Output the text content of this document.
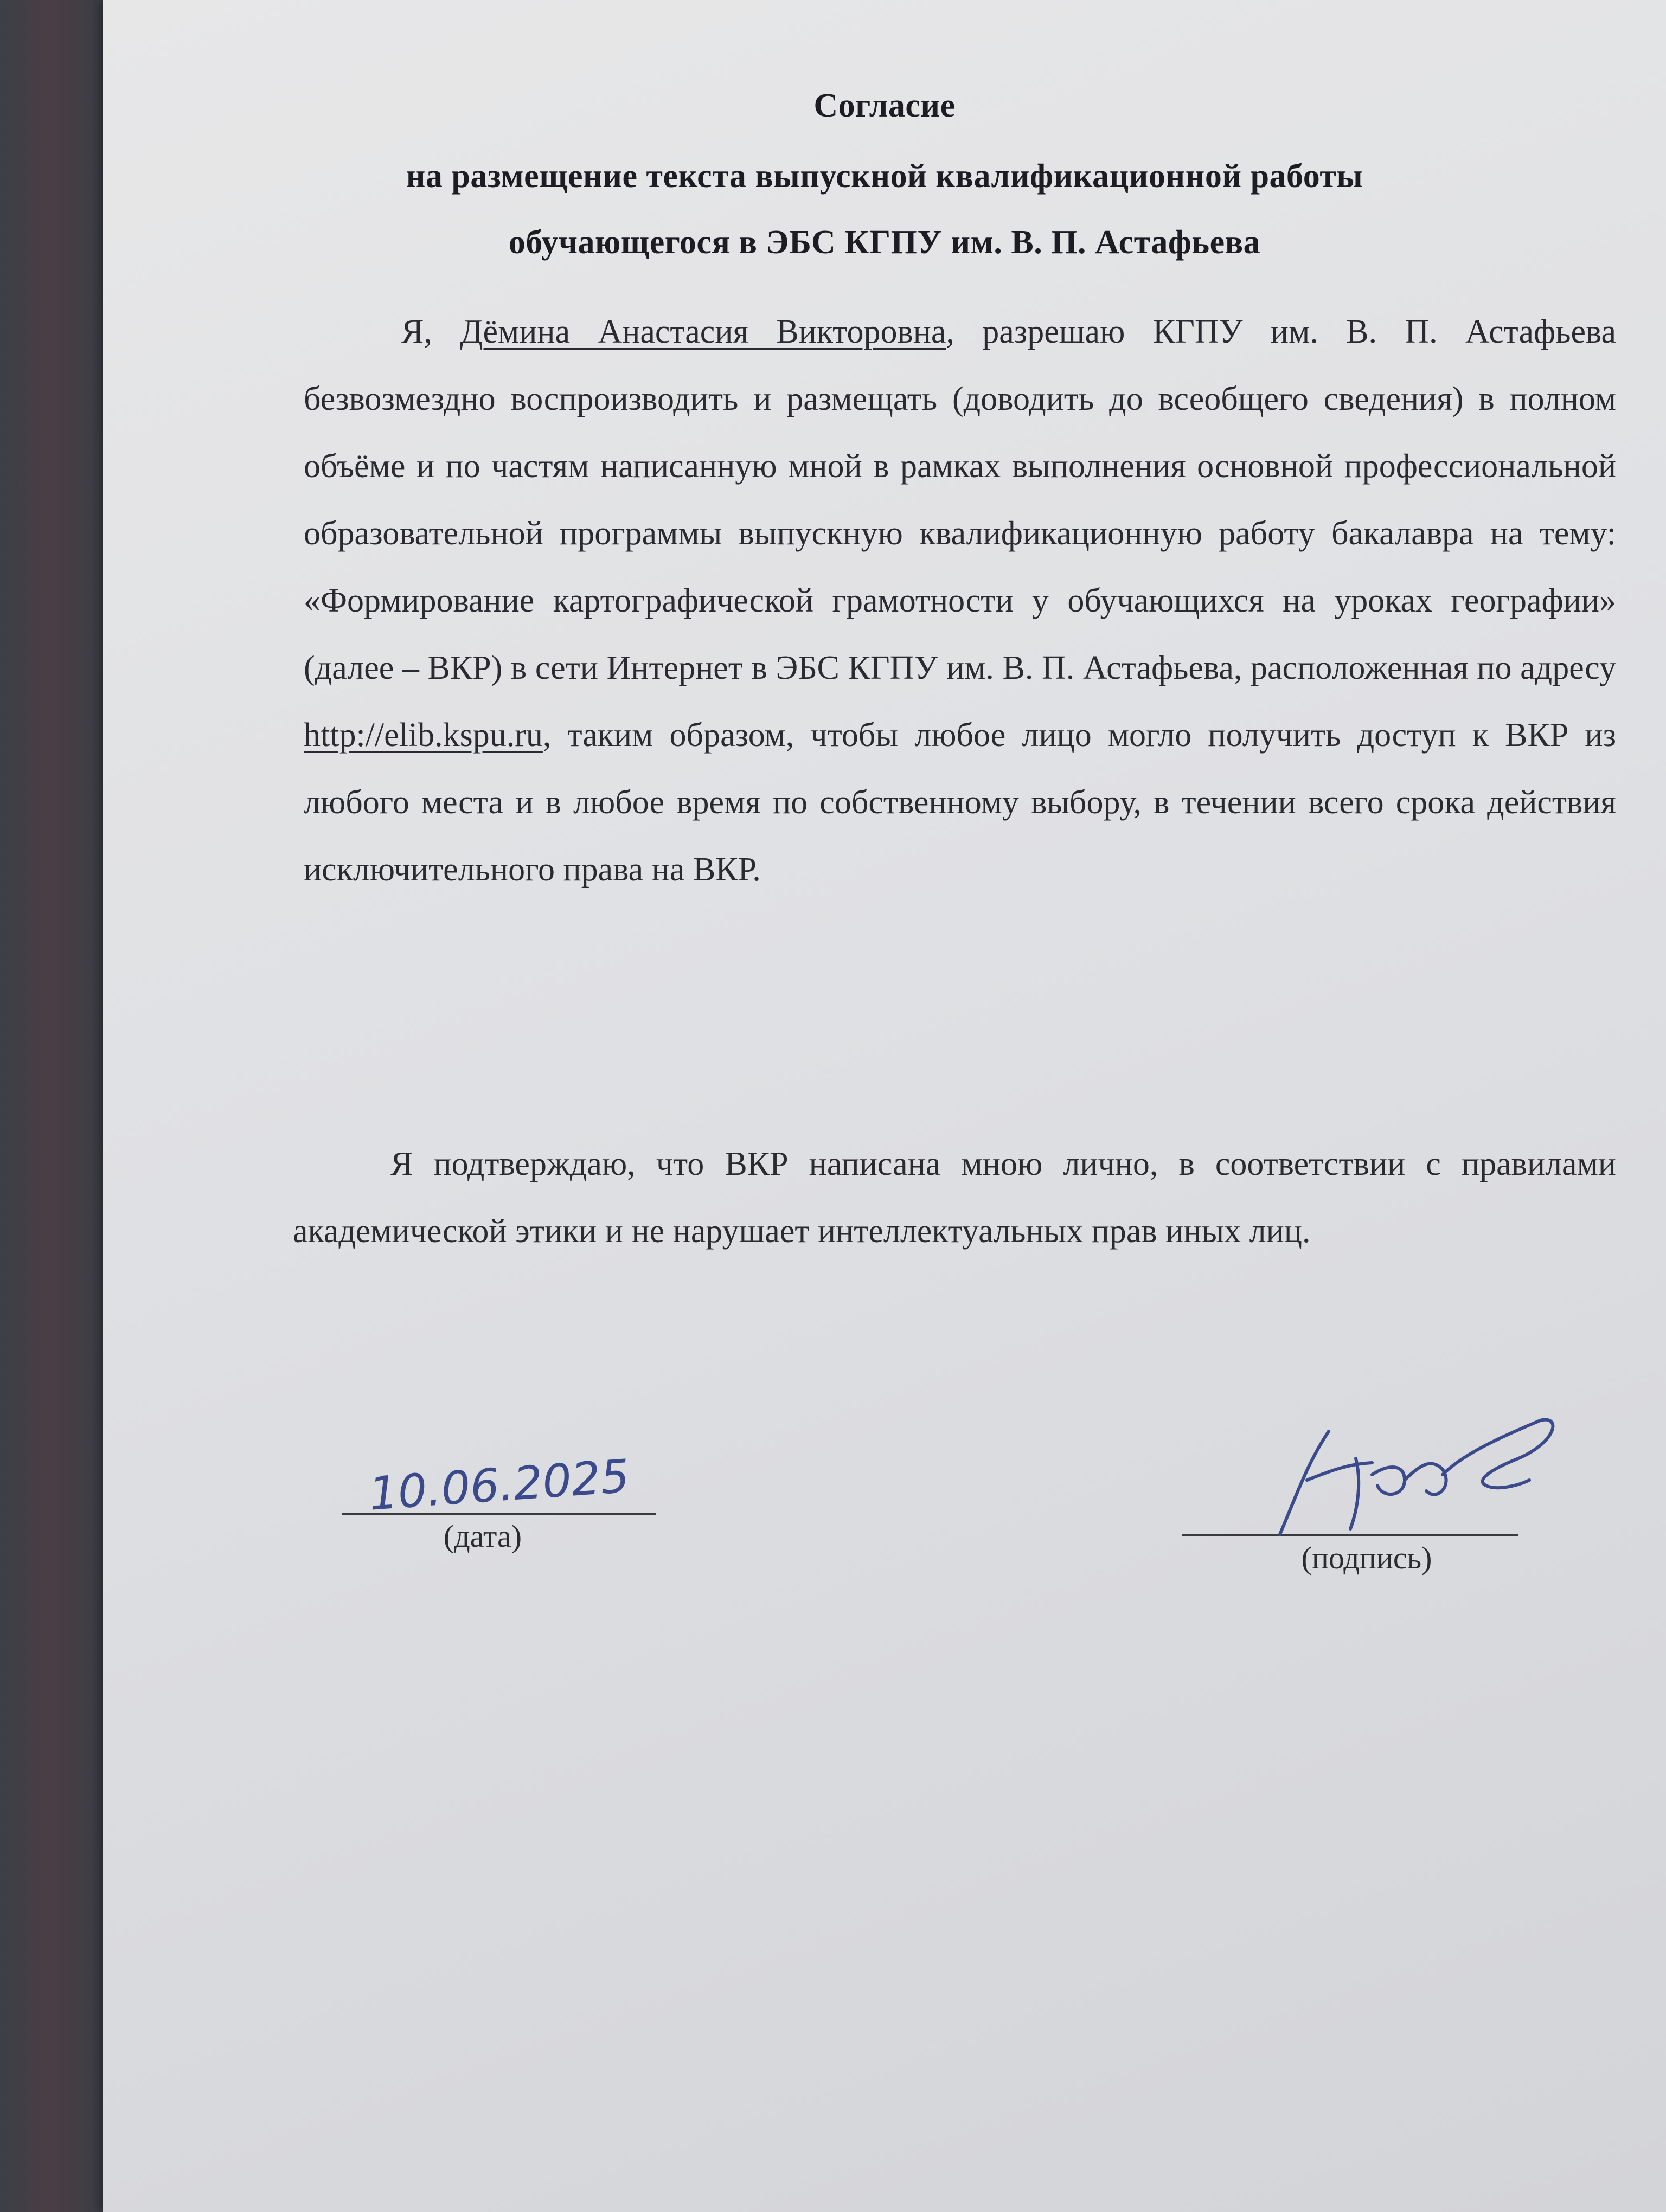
Согласие
на размещение текста выпускной квалификационной работы
обучающегося в ЭБС КГПУ им. В. П. Астафьева
Я, Дёмина Анастасия Викторовна, разрешаю КГПУ им. В. П. Астафьева безвозмездно воспроизводить и размещать (доводить до всеобщего сведения) в полном объёме и по частям написанную мной в рамках выполнения основной профессиональной образовательной программы выпускную квалификационную работу бакалавра на тему: «Формирование картографической грамотности у обучающихся на уроках географии» (далее – ВКР) в сети Интернет в ЭБС КГПУ им. В. П. Астафьева, расположенная по адресу http://elib.kspu.ru, таким образом, чтобы любое лицо могло получить доступ к ВКР из любого места и в любое время по собственному выбору, в течении всего срока действия исключительного права на ВКР.
Я подтверждаю, что ВКР написана мною лично, в соответствии с правилами академической этики и не нарушает интеллектуальных прав иных лиц.
10.06.2025
(дата)
(подпись)
